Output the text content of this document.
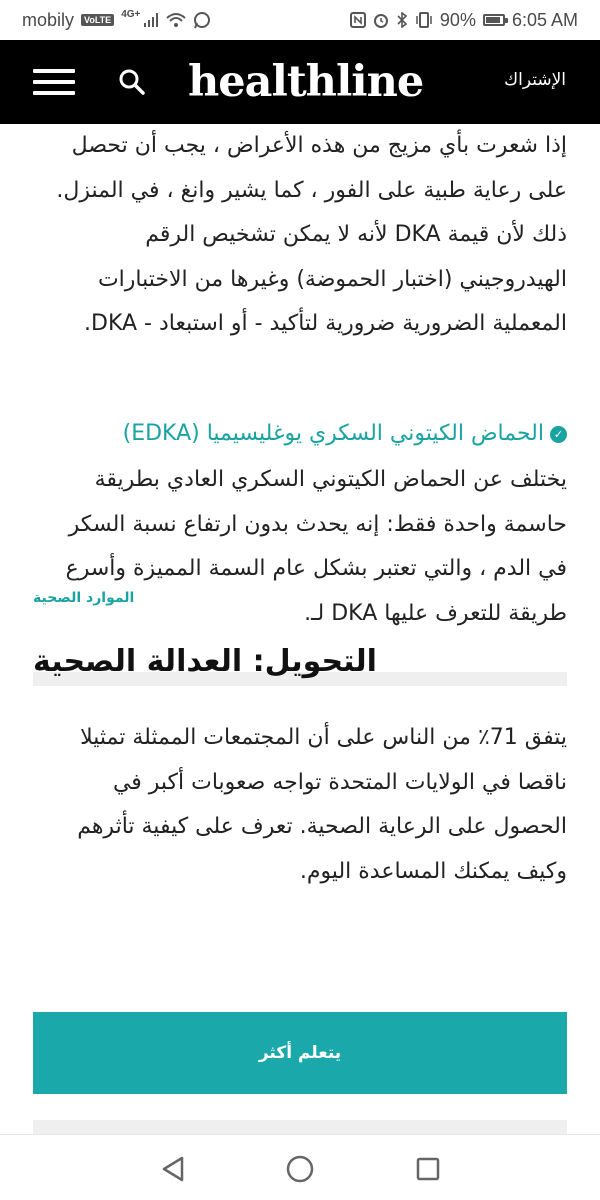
mobily	VoLTE
4G+	90% 6:05 AM
healthline	الإشتراك

إذا شعرت بأي مزيج من هذه الأعراض ، يجب أن تحصل على رعاية طبية على الفور ، كما يشير وانغ ، في المنزل. ذلك لأن قيمة DKA لأنه لا يمكن تشخيص الرقم الهيدروجيني (اختبار الحموضة) وغيرها من الاختبارات المعملية الضرورية ضرورية لتأكيد - أو استبعاد - DKA.

✓
الحماض الكيتوني السكري يوغليسيميا (EDKA)

يختلف عن الحماض الكيتوني السكري العادي بطريقة حاسمة واحدة فقط: إنه يحدث بدون ارتفاع نسبة السكر في الدم ، والتي تعتبر بشكل عام السمة المميزة وأسرع طريقة للتعرف عليها DKA لـ.

الموارد الصحية
التحويل: العدالة الصحية

يتفق 71٪ من الناس على أن المجتمعات الممثلة تمثيلا ناقصا في الولايات المتحدة تواجه صعوبات أكبر في الحصول على الرعاية الصحية. تعرف على كيفية تأثرهم وكيف يمكنك المساعدة اليوم.

يتعلم أكثر
